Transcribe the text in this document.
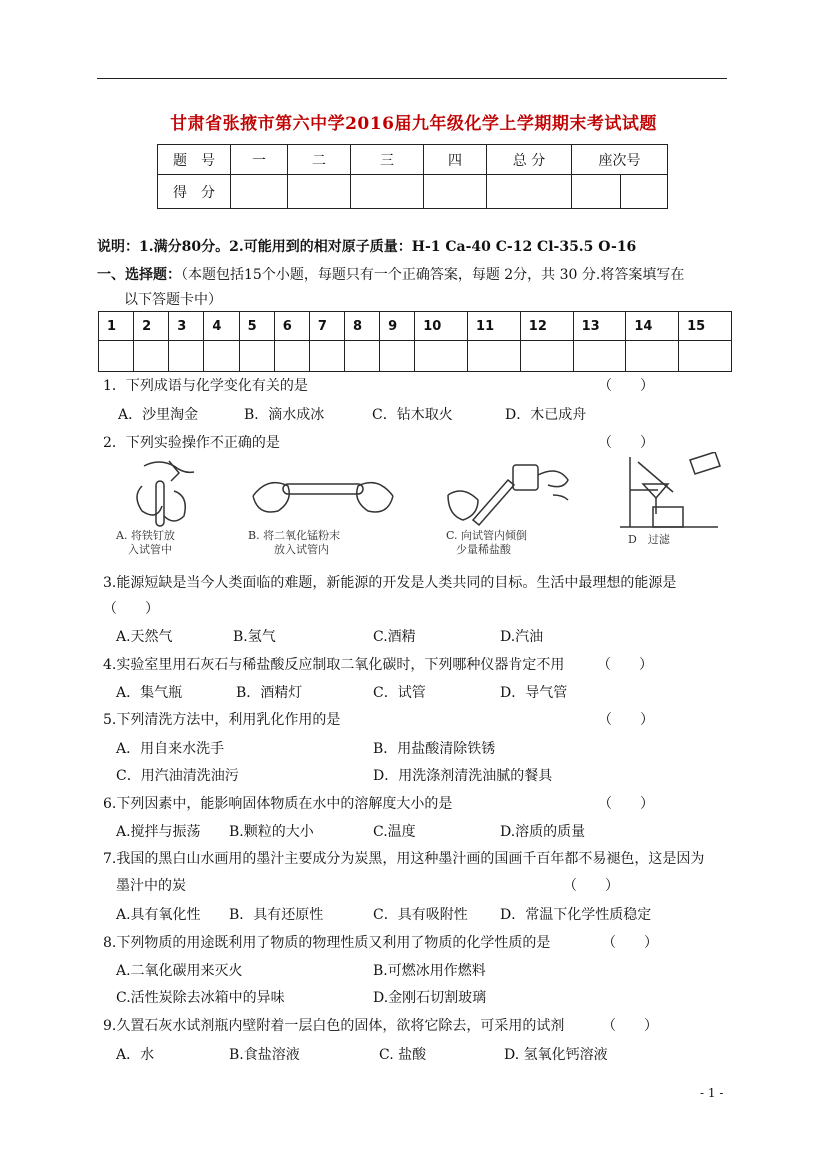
甘肃省张掖市第六中学2016届九年级化学上学期期末考试试题
题　号	一	二	三	四	总 分	座次号	
得　分							
说明：1.满分80分。2.可能用到的相对原子质量：H-1 Ca-40 C-12 Cl-35.5 O-16
一、选择题：（本题包括15个小题，每题只有一个正确答案，每题 2分，共 30 分.将答案填写在
以下答题卡中）
1	2	3	4	5	6	7	8	9	10	11	12	13	14	15

1．下列成语与化学变化有关的是	（　　）
A．沙里淘金	B．滴水成冰	C．钻木取火	D．木已成舟
2．下列实验操作不正确的是	（　　）
A. 将铁钉放
入试管中
B. 将二氧化锰粉末
放入试管内
C. 向试管内倾倒
少量稀盐酸
D　过滤
3.能源短缺是当今人类面临的难题，新能源的开发是人类共同的目标。生活中最理想的能源是
（　　）
A.天然气	B.氢气	C.酒精	D.汽油
4.实验室里用石灰石与稀盐酸反应制取二氧化碳时，下列哪种仪器肯定不用 （　　）
A．集气瓶	B．酒精灯	C．试管	D．导气管
5.下列清洗方法中，利用乳化作用的是	（　　）
A．用自来水洗手	B．用盐酸清除铁锈
C．用汽油清洗油污	D．用洗涤剂清洗油腻的餐具
6.下列因素中，能影响固体物质在水中的溶解度大小的是	（　　）
A.搅拌与振荡 B.颗粒的大小	C.温度	D.溶质的质量
7.我国的黑白山水画用的墨汁主要成分为炭黑，用这种墨汁画的国画千百年都不易褪色，这是因为
墨汁中的炭	（　　）
A.具有氧化性 B．具有还原性	C．具有吸附性 D．常温下化学性质稳定
8.下列物质的用途既利用了物质的物理性质又利用了物质的化学性质的是	（　　）
A.二氧化碳用来灭火	B.可燃冰用作燃料
C.活性炭除去冰箱中的异味	D.金刚石切割玻璃
9.久置石灰水试剂瓶内壁附着一层白色的固体，欲将它除去，可采用的试剂	（　　）
A．水	B.食盐溶液	C. 盐酸	D. 氢氧化钙溶液
- 1 -
